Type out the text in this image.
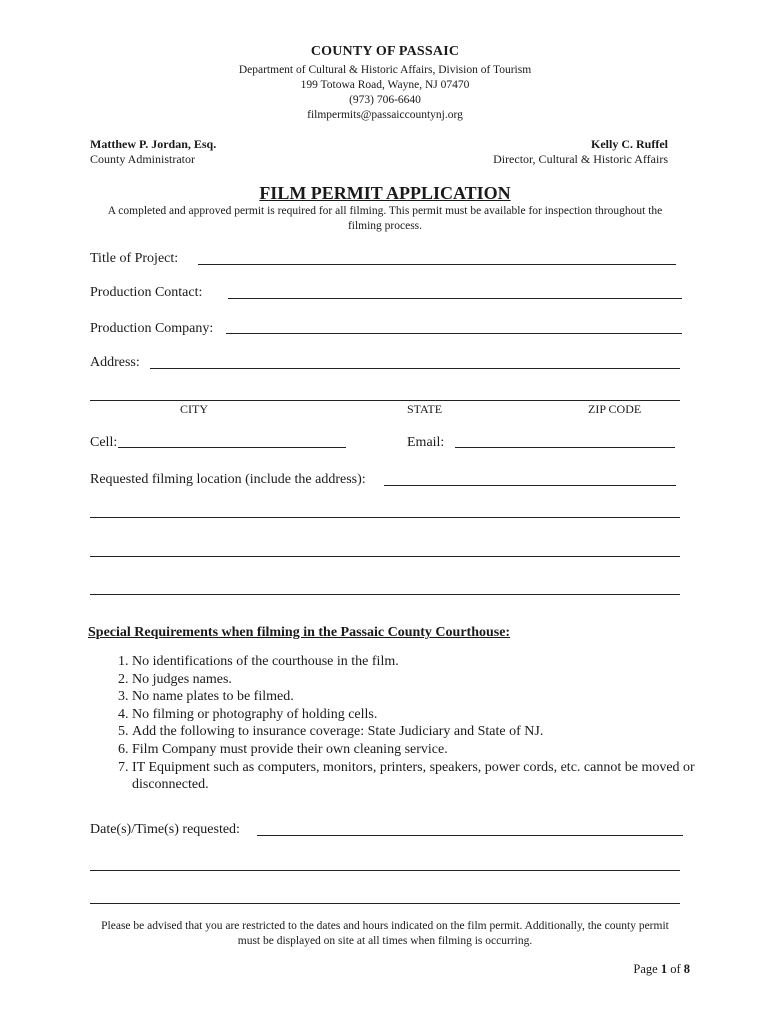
COUNTY OF PASSAIC
Department of Cultural & Historic Affairs, Division of Tourism
199 Totowa Road, Wayne, NJ 07470
(973) 706-6640
filmpermits@passaiccountynj.org
Matthew P. Jordan, Esq.
County Administrator
Kelly C. Ruffel
Director, Cultural & Historic Affairs
FILM PERMIT APPLICATION
A completed and approved permit is required for all filming. This permit must be available for inspection throughout the filming process.
Title of Project:
Production Contact:
Production Company:
Address:
CITY	STATE	ZIP CODE
Cell:	Email:
Requested filming location (include the address):
Special Requirements when filming in the Passaic County Courthouse:
1. No identifications of the courthouse in the film.
2. No judges names.
3. No name plates to be filmed.
4. No filming or photography of holding cells.
5. Add the following to insurance coverage: State Judiciary and State of NJ.
6. Film Company must provide their own cleaning service.
7. IT Equipment such as computers, monitors, printers, speakers, power cords, etc. cannot be moved or disconnected.
Date(s)/Time(s) requested:
Please be advised that you are restricted to the dates and hours indicated on the film permit. Additionally, the county permit must be displayed on site at all times when filming is occurring.
Page 1 of 8
